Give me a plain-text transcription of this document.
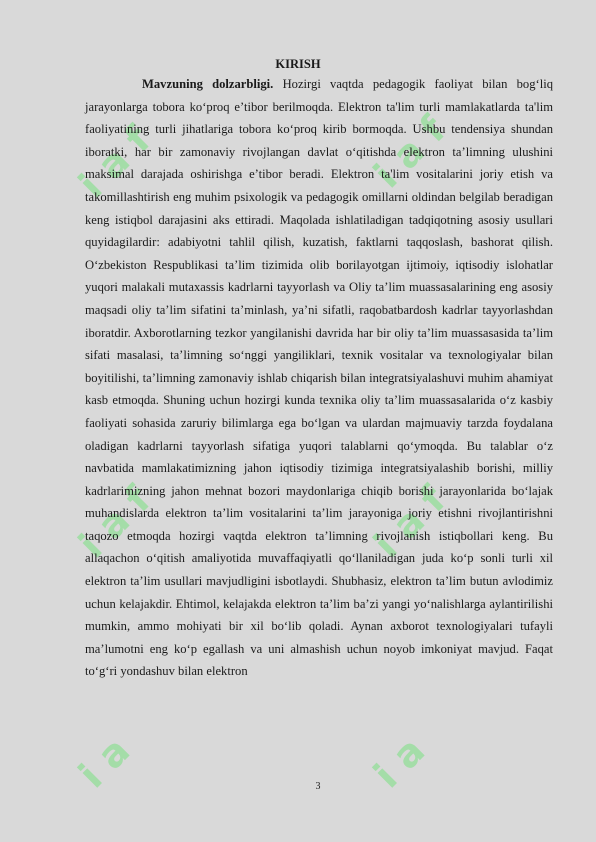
i a f	i a f
i a f	i a f
i a	i a
KIRISH

Mavzuning dolzarbligi. Hozirgi vaqtda pedagogik faoliyat bilan bog‘liq jarayonlarga tobora ko‘proq e’tibor berilmoqda. Elektron ta'lim turli mamlakatlarda ta'lim faoliyatining turli jihatlariga tobora ko‘proq kirib bormoqda. Ushbu tendensiya shundan iboratki, har bir zamonaviy rivojlangan davlat o‘qitishda elektron ta’limning ulushini maksimal darajada oshirishga e’tibor beradi. Elektron ta'lim vositalarini joriy etish va takomillashtirish eng muhim psixologik va pedagogik omillarni oldindan belgilab beradigan keng istiqbol darajasini aks ettiradi. Maqolada ishlatiladigan tadqiqotning asosiy usullari quyidagilardir: adabiyotni tahlil qilish, kuzatish, faktlarni taqqoslash, bashorat qilish. O‘zbekiston Respublikasi ta’lim tizimida olib borilayotgan ijtimoiy, iqtisodiy islohatlar yuqori malakali mutaxassis kadrlarni tayyorlash va Oliy ta’lim muassasalarining eng asosiy maqsadi oliy ta’lim sifatini ta’minlash, ya’ni sifatli, raqobatbardosh kadrlar tayyorlashdan iboratdir. Axborotlarning tezkor yangilanishi davrida har bir oliy ta’lim muassasasida ta’lim sifati masalasi, ta’limning so‘nggi yangiliklari, texnik vositalar va texnologiyalar bilan boyitilishi, ta’limning zamonaviy ishlab chiqarish bilan integratsiyalashuvi muhim ahamiyat kasb etmoqda. Shuning uchun hozirgi kunda texnika oliy ta’lim muassasalarida o‘z kasbiy faoliyati sohasida zaruriy bilimlarga ega bo‘lgan va ulardan majmuaviy tarzda foydalana oladigan kadrlarni tayyorlash sifatiga yuqori talablarni qo‘ymoqda. Bu talablar o‘z navbatida mamlakatimizning jahon iqtisodiy tizimiga integratsiyalashib borishi, milliy kadrlarimizning jahon mehnat bozori maydonlariga chiqib borishi jarayonlarida bo‘lajak muhandislarda elektron ta’lim vositalarini ta’lim jarayoniga joriy etishni rivojlantirishni taqozo etmoqda hozirgi vaqtda elektron ta’limning rivojlanish istiqbollari keng. Bu allaqachon o‘qitish amaliyotida muvaffaqiyatli qo‘llaniladigan juda ko‘p sonli turli xil elektron ta’lim usullari mavjudligini isbotlaydi. Shubhasiz, elektron ta’lim butun avlodimiz uchun kelajakdir. Ehtimol, kelajakda elektron ta’lim ba’zi yangi yo‘nalishlarga aylantirilishi mumkin, ammo mohiyati bir xil bo‘lib qoladi. Aynan axborot texnologiyalari tufayli ma’lumotni eng ko‘p egallash va uni almashish uchun noyob imkoniyat mavjud. Faqat to‘g‘ri yondashuv bilan elektron

3
